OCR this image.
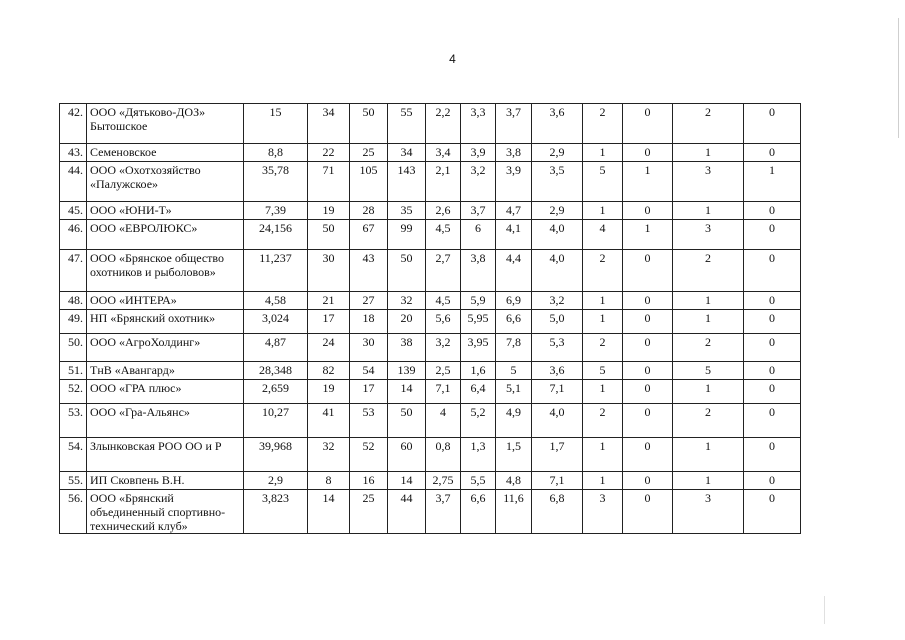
4
42.	ООО «Дятьково-ДОЗ» Бытошское	15	34	50	55	2,2	3,3	3,7	3,6	2	0	2	0
43.	Семеновское	8,8	22	25	34	3,4	3,9	3,8	2,9	1	0	1	0
44.	ООО «Охотхозяйство «Палужское»	35,78	71	105	143	2,1	3,2	3,9	3,5	5	1	3	1
45.	ООО «ЮНИ-Т»	7,39	19	28	35	2,6	3,7	4,7	2,9	1	0	1	0
46.	ООО «ЕВРОЛЮКС»	24,156	50	67	99	4,5	6	4,1	4,0	4	1	3	0
47.	ООО «Брянское общество охотников и рыболовов»	11,237	30	43	50	2,7	3,8	4,4	4,0	2	0	2	0
48.	ООО «ИНТЕРА»	4,58	21	27	32	4,5	5,9	6,9	3,2	1	0	1	0
49.	НП «Брянский охотник»	3,024	17	18	20	5,6	5,95	6,6	5,0	1	0	1	0
50.	ООО «АгроХолдинг»	4,87	24	30	38	3,2	3,95	7,8	5,3	2	0	2	0
51.	ТнВ «Авангард»	28,348	82	54	139	2,5	1,6	5	3,6	5	0	5	0
52.	ООО «ГРА плюс»	2,659	19	17	14	7,1	6,4	5,1	7,1	1	0	1	0
53.	ООО «Гра-Альянс»	10,27	41	53	50	4	5,2	4,9	4,0	2	0	2	0
54.	Злынковская РОО ОО и Р	39,968	32	52	60	0,8	1,3	1,5	1,7	1	0	1	0
55.	ИП Сковпень В.Н.	2,9	8	16	14	2,75	5,5	4,8	7,1	1	0	1	0
56.	ООО «Брянский объединенный спортивно-технический клуб»	3,823	14	25	44	3,7	6,6	11,6	6,8	3	0	3	0
